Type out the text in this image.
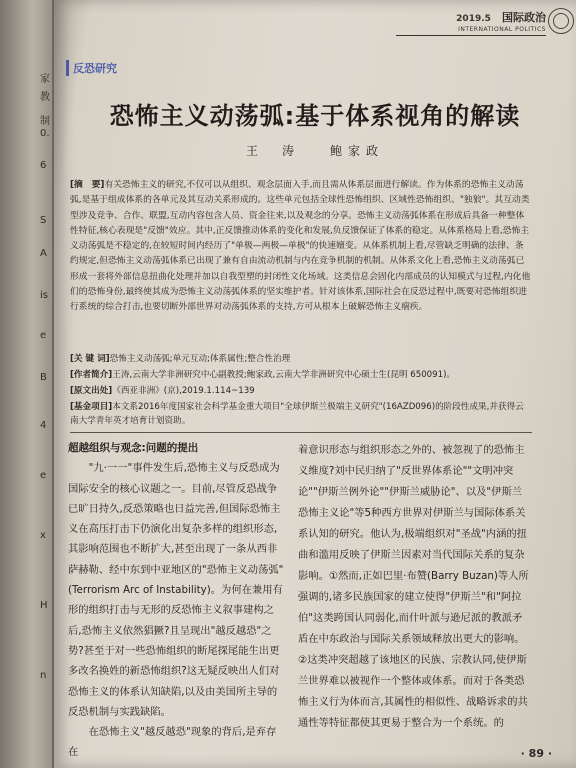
家
教
制
0.
6
S
A
is
e
B
4
e
x
H
n
2019.5 国际政治
INTERNATIONAL POLITICS
反恐研究
恐怖主义动荡弧:基于体系视角的解读
王　涛	鲍家政
[摘　要]有关恐怖主义的研究,不仅可以从组织、观念层面入手,而且需从体系层面进行解读。作为体系的恐怖主义动荡弧,是基于组成体系的各单元及其互动关系形成的。这些单元包括全球性恐怖组织、区域性恐怖组织、"独狼"。其互动类型涉及竞争、合作、联盟,互动内容包含人员、资金往来,以及观念的分享。恐怖主义动荡弧体系在形成后具备一种整体性特征,核心表现是"反馈"效应。其中,正反馈推动体系的变化和发展,负反馈保证了体系的稳定。从体系格局上看,恐怖主义动荡弧是不稳定的,在较短时间内经历了"单极—两极—单极"的快速嬗变。从体系机制上看,尽管缺乏明确的法律、条约规定,但恐怖主义动荡弧体系已出现了兼有自由流动机制与内在竞争机制的机制。从体系文化上看,恐怖主义动荡弧已形成一套将外部信息扭曲化处理并加以自我型塑的封闭性文化场域。这类信息会固化内部成员的认知模式与过程,内化他们的恐怖身份,最终使其成为恐怖主义动荡弧体系的坚实维护者。针对该体系,国际社会在反恐过程中,既要对恐怖组织进行系统的综合打击,也要切断外部世界对动荡弧体系的支持,方可从根本上破解恐怖主义痼疾。
[关 键 词]恐怖主义动荡弧;单元互动;体系属性;整合性治理
[作者简介]王涛,云南大学非洲研究中心副教授;鲍家政,云南大学非洲研究中心硕士生(昆明 650091)。
[原文出处]《西亚非洲》(京),2019.1.114~139
[基金项目]本文系2016年度国家社会科学基金重大项目"全球伊斯兰极端主义研究"(16AZD096)的阶段性成果,并获得云南大学青年英才培育计划资助。
超越组织与观念:问题的提出

"九·一一"事件发生后,恐怖主义与反恐成为国际安全的核心议题之一。目前,尽管反恐战争已旷日持久,反恐策略也日益完善,但国际恐怖主义在高压打击下仍演化出复杂多样的组织形态,其影响范围也不断扩大,甚至出现了一条从西非萨赫勒、经中东到中亚地区的"恐怖主义动荡弧"(Terrorism Arc of Instability)。为何在兼用有形的组织打击与无形的反恐怖主义叙事建构之后,恐怖主义依然猖獗?且呈现出"越反越恐"之势?甚至于对一些恐怖组织的断尾探尾能生出更多改名换姓的新恐怖组织?这无疑反映出人们对恐怖主义的体系认知缺陷,以及由美国所主导的反恐机制与实践缺陷。

在恐怖主义"越反越恐"现象的背后,是弃存在

着意识形态与组织形态之外的、被忽视了的恐怖主义维度?刘中民归纳了"反世界体系论""文明冲突论""伊斯兰例外论""伊斯兰威胁论"、以及"伊斯兰恐怖主义论"等5种西方世界对伊斯兰与国际体系关系认知的研究。他认为,极端组织对"圣战"内涵的扭曲和滥用反映了伊斯兰因素对当代国际关系的复杂影响。①然而,正如巴里·布赞(Barry Buzan)等人所强调的,诸多民族国家的建立使得"伊斯兰"和"阿拉伯"这类跨国认同弱化,而什叶派与逊尼派的教派矛盾在中东政治与国际关系领域释放出更大的影响。②这类冲突超越了该地区的民族、宗教认同,使伊斯兰世界难以被视作一个整体或体系。而对于各类恐怖主义行为体而言,其属性的相似性、战略诉求的共通性等特征都使其更易于整合为一个系统。的

· 89 ·
